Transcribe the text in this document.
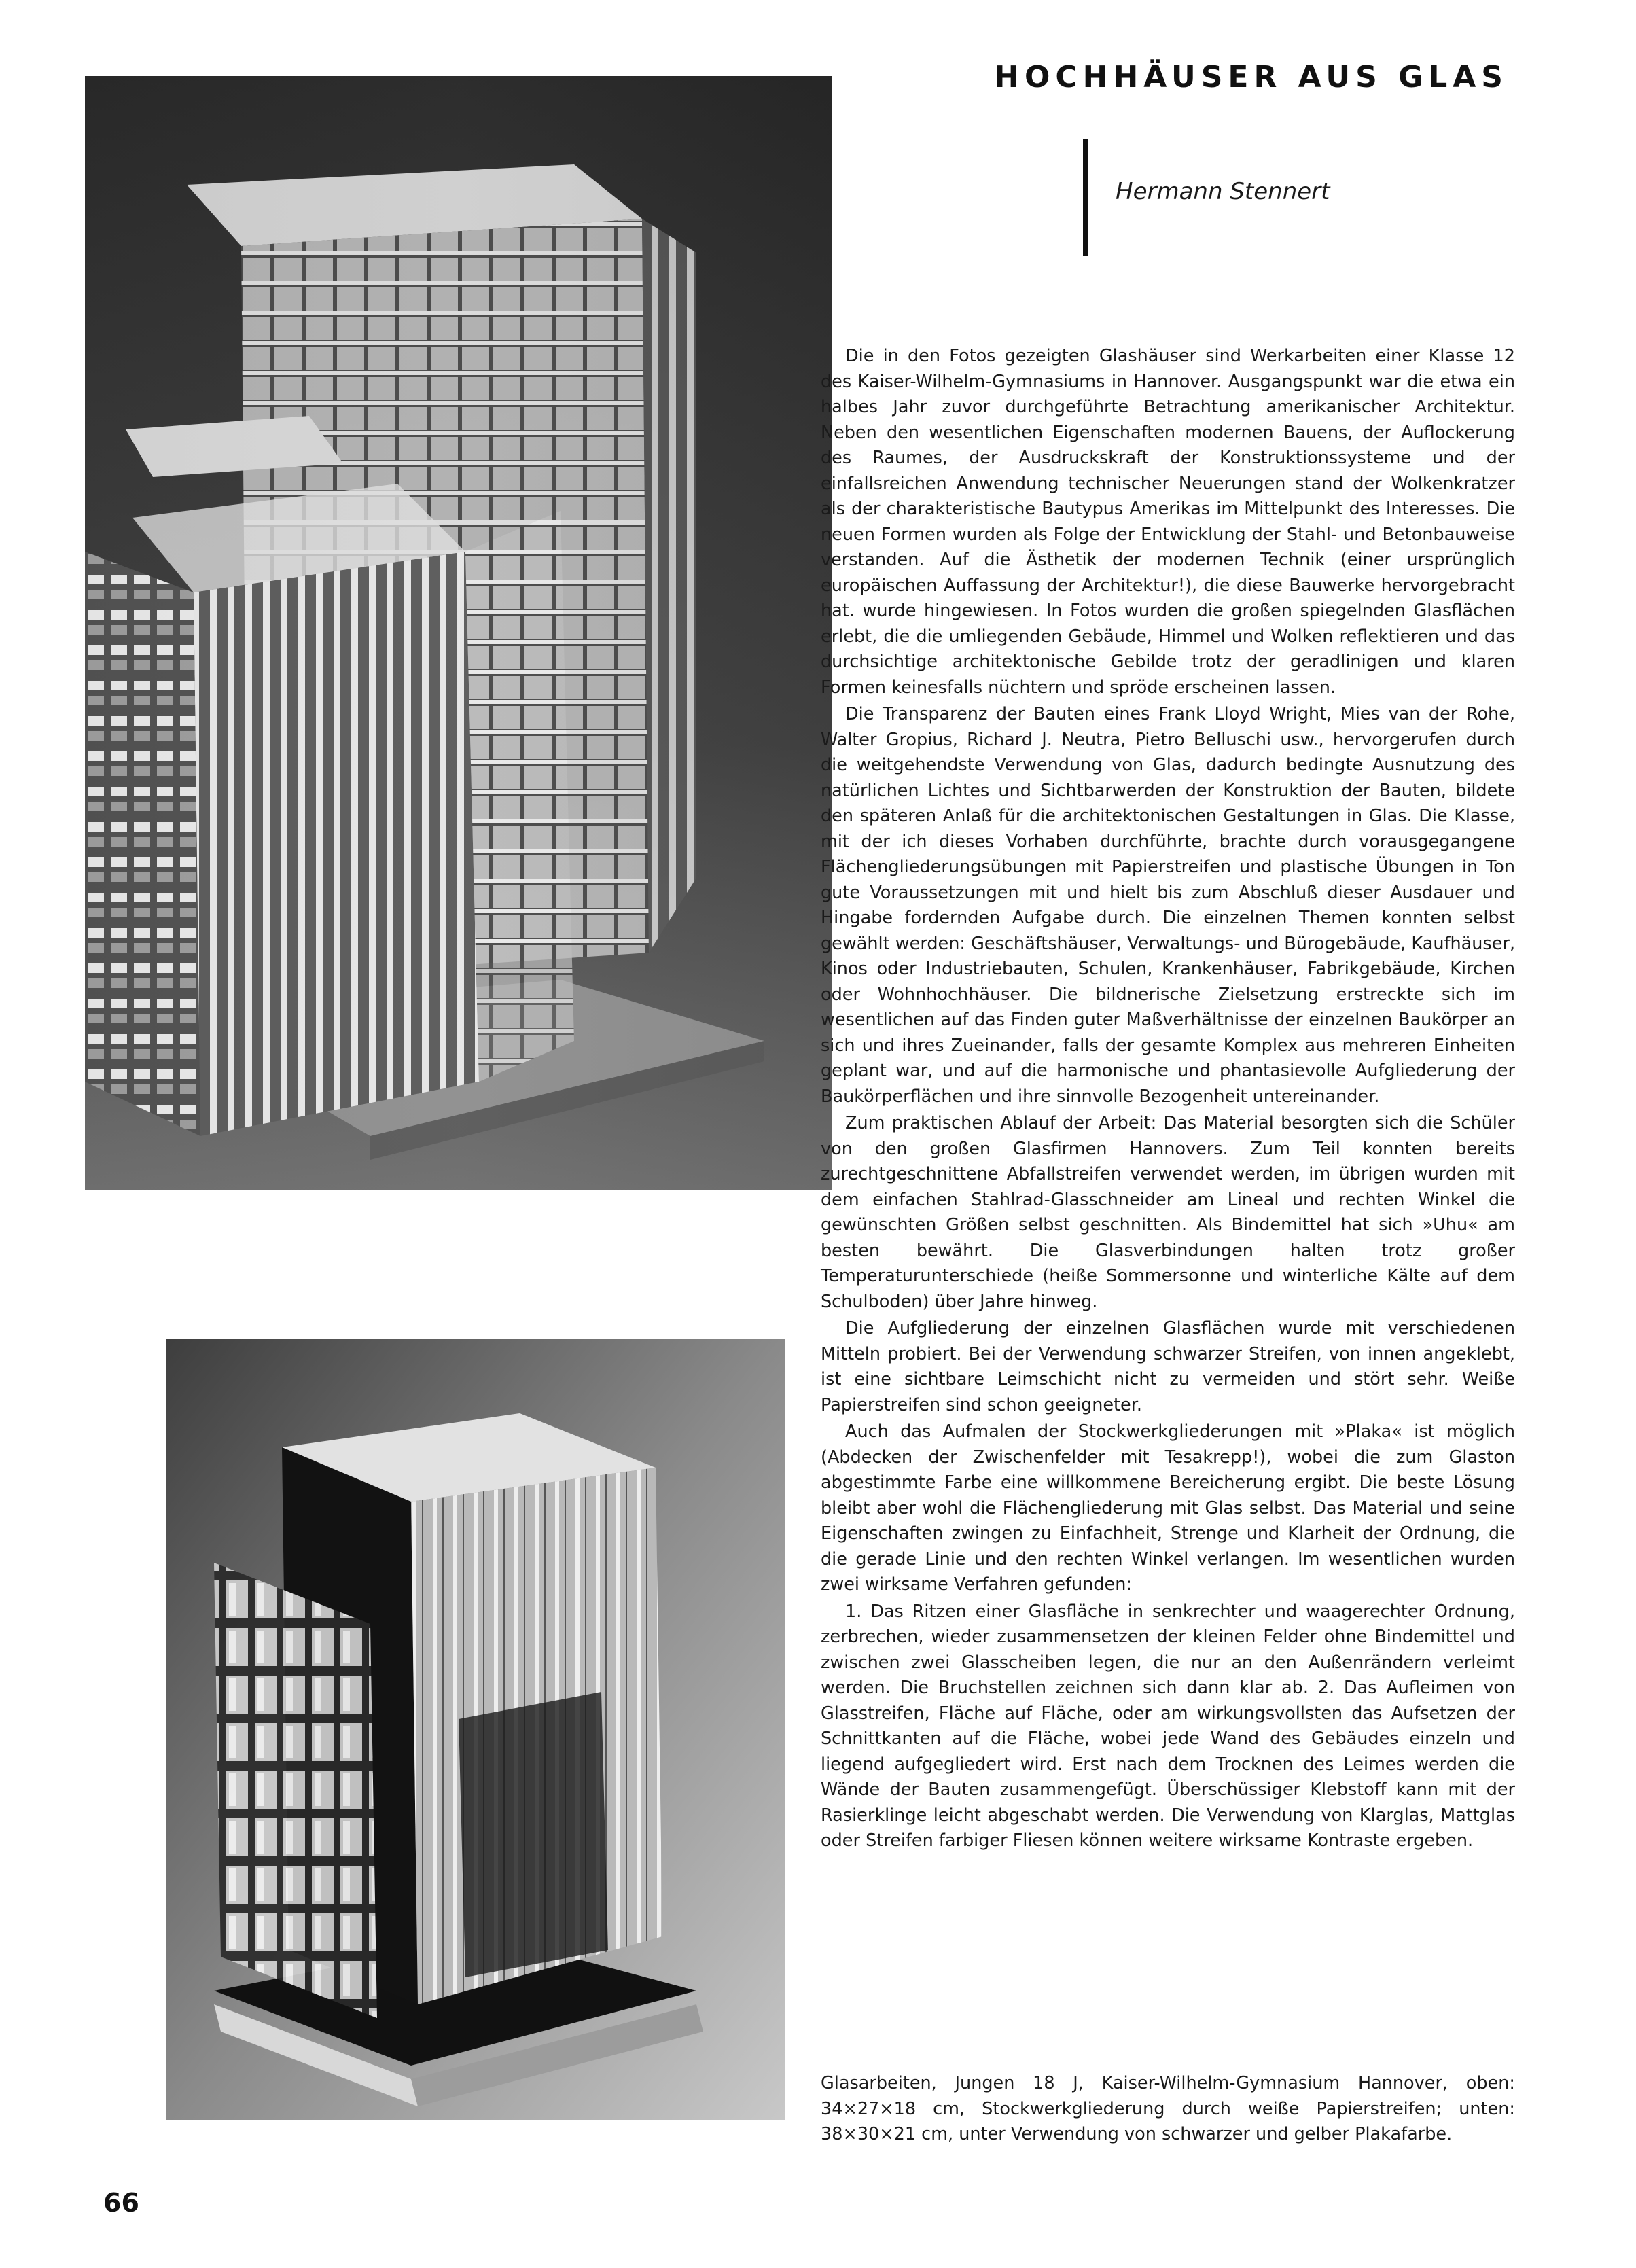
HOCHHÄUSER AUS GLAS
Hermann Stennert

Die in den Fotos gezeigten Glashäuser sind Werkarbeiten einer Klasse 12 des Kaiser-Wilhelm-Gymnasiums in Hannover. Ausgangspunkt war die etwa ein halbes Jahr zuvor durchgeführte Betrachtung amerikanischer Architektur. Neben den wesentlichen Eigenschaften modernen Bauens, der Auflockerung des Raumes, der Ausdruckskraft der Konstruktionssysteme und der einfallsreichen Anwendung technischer Neuerungen stand der Wolkenkratzer als der charakteristische Bautypus Amerikas im Mittelpunkt des Interesses. Die neuen Formen wurden als Folge der Entwicklung der Stahl- und Betonbauweise verstanden. Auf die Ästhetik der modernen Technik (einer ursprünglich europäischen Auffassung der Architektur!), die diese Bauwerke hervorgebracht hat. wurde hingewiesen. In Fotos wurden die großen spiegelnden Glasflächen erlebt, die die umliegenden Gebäude, Himmel und Wolken reflektieren und das durchsichtige architektonische Gebilde trotz der geradlinigen und klaren Formen keinesfalls nüchtern und spröde erscheinen lassen.

Die Transparenz der Bauten eines Frank Lloyd Wright, Mies van der Rohe, Walter Gropius, Richard J. Neutra, Pietro Belluschi usw., hervorgerufen durch die weitgehendste Verwendung von Glas, dadurch bedingte Ausnutzung des natürlichen Lichtes und Sichtbarwerden der Konstruktion der Bauten, bildete den späteren Anlaß für die architektonischen Gestaltungen in Glas. Die Klasse, mit der ich dieses Vorhaben durchführte, brachte durch vorausgegangene Flächengliederungsübungen mit Papierstreifen und plastische Übungen in Ton gute Voraussetzungen mit und hielt bis zum Abschluß dieser Ausdauer und Hingabe fordernden Aufgabe durch. Die einzelnen Themen konnten selbst gewählt werden: Geschäftshäuser, Verwaltungs- und Bürogebäude, Kaufhäuser, Kinos oder Industriebauten, Schulen, Krankenhäuser, Fabrikgebäude, Kirchen oder Wohnhochhäuser. Die bildnerische Zielsetzung erstreckte sich im wesentlichen auf das Finden guter Maßverhältnisse der einzelnen Baukörper an sich und ihres Zueinander, falls der gesamte Komplex aus mehreren Einheiten geplant war, und auf die harmonische und phantasievolle Aufgliederung der Baukörperflächen und ihre sinnvolle Bezogenheit untereinander.

Zum praktischen Ablauf der Arbeit: Das Material besorgten sich die Schüler von den großen Glasfirmen Hannovers. Zum Teil konnten bereits zurechtgeschnittene Abfallstreifen verwendet werden, im übrigen wurden mit dem einfachen Stahlrad-Glasschneider am Lineal und rechten Winkel die gewünschten Größen selbst geschnitten. Als Bindemittel hat sich »Uhu« am besten bewährt. Die Glasverbindungen halten trotz großer Temperaturunterschiede (heiße Sommersonne und winterliche Kälte auf dem Schulboden) über Jahre hinweg.

Die Aufgliederung der einzelnen Glasflächen wurde mit verschiedenen Mitteln probiert. Bei der Verwendung schwarzer Streifen, von innen angeklebt, ist eine sichtbare Leimschicht nicht zu vermeiden und stört sehr. Weiße Papierstreifen sind schon geeigneter.

Auch das Aufmalen der Stockwerkgliederungen mit »Plaka« ist möglich (Abdecken der Zwischenfelder mit Tesakrepp!), wobei die zum Glaston abgestimmte Farbe eine willkommene Bereicherung ergibt. Die beste Lösung bleibt aber wohl die Flächengliederung mit Glas selbst. Das Material und seine Eigenschaften zwingen zu Einfachheit, Strenge und Klarheit der Ordnung, die die gerade Linie und den rechten Winkel verlangen. Im wesentlichen wurden zwei wirksame Verfahren gefunden:

1. Das Ritzen einer Glasfläche in senkrechter und waagerechter Ordnung, zerbrechen, wieder zusammensetzen der kleinen Felder ohne Bindemittel und zwischen zwei Glasscheiben legen, die nur an den Außenrändern verleimt werden. Die Bruchstellen zeichnen sich dann klar ab. 2. Das Aufleimen von Glasstreifen, Fläche auf Fläche, oder am wirkungsvollsten das Aufsetzen der Schnittkanten auf die Fläche, wobei jede Wand des Gebäudes einzeln und liegend aufgegliedert wird. Erst nach dem Trocknen des Leimes werden die Wände der Bauten zusammengefügt. Überschüssiger Klebstoff kann mit der Rasierklinge leicht abgeschabt werden. Die Verwendung von Klarglas, Mattglas oder Streifen farbiger Fliesen können weitere wirksame Kontraste ergeben.

Glasarbeiten, Jungen 18 J, Kaiser-Wilhelm-Gymnasium Hannover, oben: 34×27×18 cm, Stockwerkgliederung durch weiße Papierstreifen; unten: 38×30×21 cm, unter Verwendung von schwarzer und gelber Plakafarbe.

66
